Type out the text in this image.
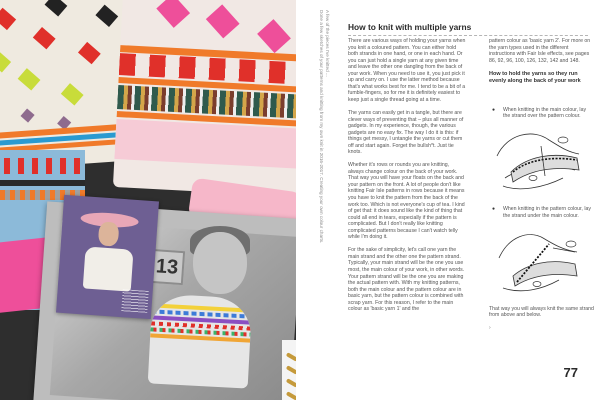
13
A few of the pieces I've knitted ...
Done a few sketches of your patterns and knitting from my own knit in 2016-2017. Creating your own colour charts.	How to knit with multiple yarns

There are various ways of holding your yarns when you knit a coloured pattern. You can either hold both strands in one hand, or one in each hand. Or you can just hold a single yarn at any given time and leave the other one dangling from the back of your work. When you need to use it, you just pick it up and carry on. I use the latter method because that's what works best for me. I tend to be a bit of a fumble-fingers, so for me it is definitely easiest to keep just a single thread going at a time.

The yarns can easily get in a tangle, but there are clever ways of preventing that – plus all manner of gadgets. In my experience, though, the various gadgets are no easy fix. The way I do it is this: if things get messy, I untangle the yarns or cut them off and start again. Forget the bullsh*t. Just tie knots.

Whether it's rows or rounds you are knitting, always change colour on the back of your work. That way you will have your floats on the back and your pattern on the front. A lot of people don't like knitting Fair Isle patterns in rows because it means you have to knit the pattern from the back of the work too. Which is not everyone's cup of tea. I kind of get that: it does sound like the kind of thing that could all end in tears, especially if the pattern is complicated. But I don't really like knitting complicated patterns because I can't watch telly while I'm doing it.

For the sake of simplicity, let's call one yarn the main strand and the other one the pattern strand. Typically, your main strand will be the one you use most, the main colour of your work, in other words. Your pattern strand will be the one you are making the actual pattern with. With my knitting patterns, both the main colour and the pattern colour are in basic yarn, but the pattern colour is combined with scrap yarn. For this reason, I refer to the main colour as 'basic yarn 1' and the

pattern colour as 'basic yarn 2'. For more on the yarn types used in the different instructions with Fair Isle effects, see pages 86, 92, 96, 100, 126, 132, 142 and 148.

How to hold the yarns so they run evenly along the back of your work

● When knitting in the main colour, lay the strand over the pattern colour.

● When knitting in the pattern colour, lay the strand under the main colour.

That way you will always knit the same strand from above and below.

›
77
